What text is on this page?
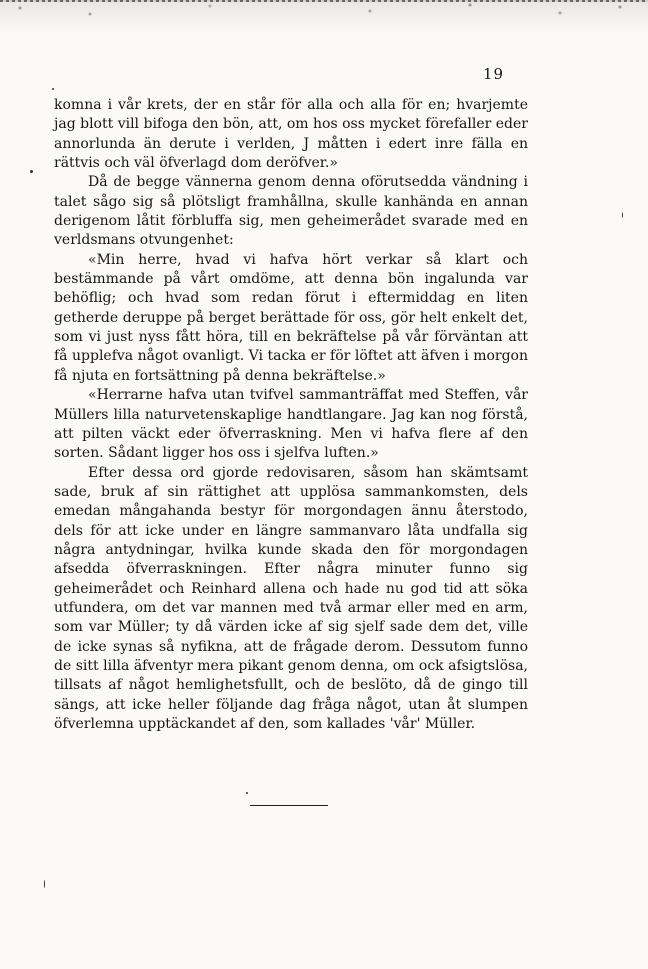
19

komna i vår krets, der en står för alla och alla för en; hvarjemte jag blott vill bifoga den bön, att, om hos oss mycket förefaller eder annorlunda än derute i verlden, J måtten i edert inre fälla en rättvis och väl öfverlagd dom deröfver.»

Då de begge vännerna genom denna oförutsedda vändning i talet sågo sig så plötsligt framhållna, skulle kanhända en annan derigenom låtit förbluffa sig, men geheimerådet svarade med en verldsmans otvungenhet:

«Min herre, hvad vi hafva hört verkar så klart och bestämmande på vårt omdöme, att denna bön ingalunda var behöflig; och hvad som redan förut i eftermiddag en liten getherde deruppe på berget berättade för oss, gör helt enkelt det, som vi just nyss fått höra, till en bekräftelse på vår förväntan att få upplefva något ovanligt. Vi tacka er för löftet att äfven i morgon få njuta en fortsättning på denna bekräftelse.»

«Herrarne hafva utan tvifvel sammanträffat med Steffen, vår Müllers lilla naturvetenskaplige handtlangare. Jag kan nog förstå, att pilten väckt eder öfverraskning. Men vi hafva flere af den sorten. Sådant ligger hos oss i sjelfva luften.»

Efter dessa ord gjorde redovisaren, såsom han skämtsamt sade, bruk af sin rättighet att upplösa sammankomsten, dels emedan mångahanda bestyr för morgondagen ännu återstodo, dels för att icke under en längre sammanvaro låta undfalla sig några antydningar, hvilka kunde skada den för morgondagen afsedda öfverraskningen. Efter några minuter funno sig geheimerådet och Reinhard allena och hade nu god tid att söka utfundera, om det var mannen med två armar eller med en arm, som var Müller; ty då värden icke af sig sjelf sade dem det, ville de icke synas så nyfikna, att de frågade derom. Dessutom funno de sitt lilla äfventyr mera pikant genom denna, om ock afsigtslösa, tillsats af något hemlighetsfullt, och de beslöto, då de gingo till sängs, att icke heller följande dag fråga något, utan åt slumpen öfverlemna upptäckandet af den, som kallades 'vår' Müller.
